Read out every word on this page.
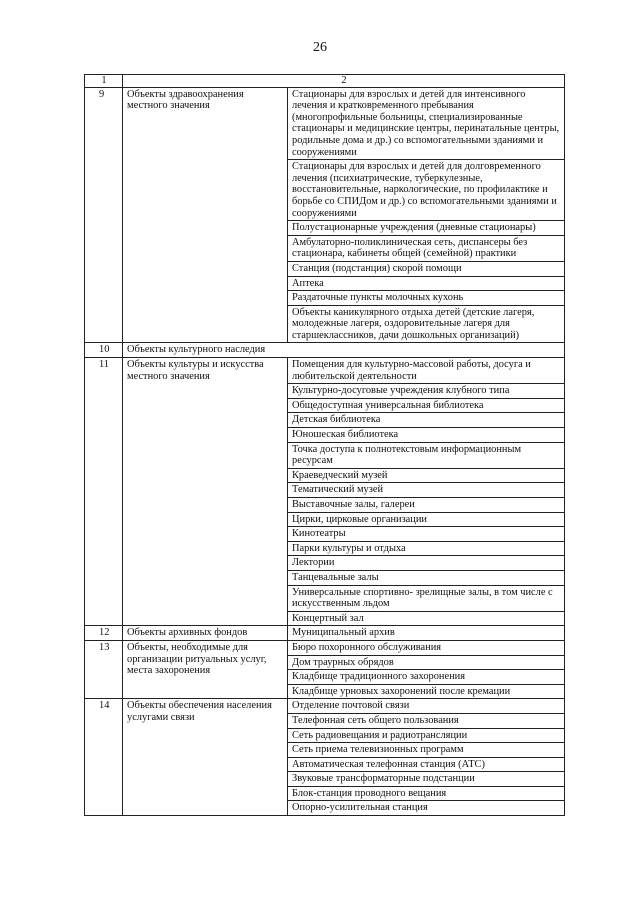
26
1	2	
9	Объекты здравоохранения местного значения	Стационары для взрослых и детей для интенсивного лечения и кратковременного пребывания (многопрофильные больницы, специализированные стационары и медицинские центры, перинатальные центры, родильные дома и др.) со вспомогательными зданиями и сооружениями
		Стационары для взрослых и детей для долговременного лечения (психиатрические, туберкулезные, восстановительные, наркологические, по профилактике и борьбе со СПИДом и др.) со вспомогательными зданиями и сооружениями
		Полустационарные учреждения (дневные стационары)
		Амбулаторно-поликлиническая сеть, диспансеры без стационара, кабинеты общей (семейной) практики
		Станция (подстанция) скорой помощи
		Аптека
		Раздаточные пункты молочных кухонь
		Объекты каникулярного отдыха детей (детские лагеря, молодежные лагеря, оздоровительные лагеря для старшеклассников, дачи дошкольных организаций)
10	Объекты культурного наследия	
11	Объекты культуры и искусства местного значения	Помещения для культурно-массовой работы, досуга и любительской деятельности
		Культурно-досуговые учреждения клубного типа
		Общедоступная универсальная библиотека
		Детская библиотека
		Юношеская библиотека
		Точка доступа к полнотекстовым информационным ресурсам
		Краеведческий музей
		Тематический музей
		Выставочные залы, галереи
		Цирки, цирковые организации
		Кинотеатры
		Парки культуры и отдыха
		Лектории
		Танцевальные залы
		Универсальные спортивно- зрелищные залы, в том числе с искусственным льдом
		Концертный зал
12	Объекты архивных фондов	Муниципальный архив
13	Объекты, необходимые для организации ритуальных услуг, места захоронения	Бюро похоронного обслуживания
		Дом траурных обрядов
		Кладбище традиционного захоронения
		Кладбище урновых захоронений после кремации
14	Объекты обеспечения населения услугами связи	Отделение почтовой связи
		Телефонная сеть общего пользования
		Сеть радиовещания и радиотрансляции
		Сеть приема телевизионных программ
		Автоматическая телефонная станция (АТС)
		Звуковые трансформаторные подстанции
		Блок-станция проводного вещания
		Опорно-усилительная станция
